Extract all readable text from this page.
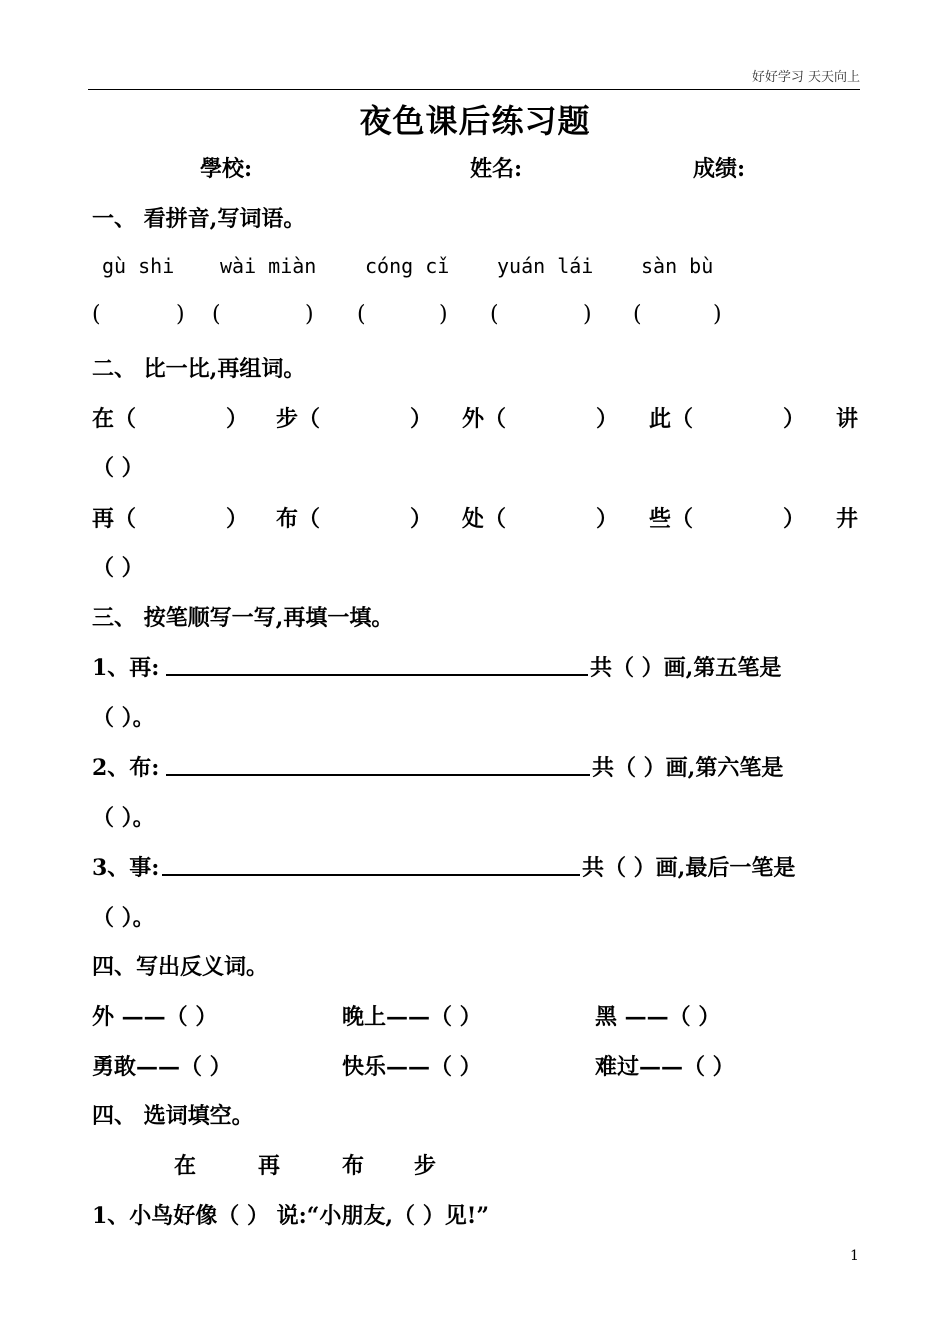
好好学习 天天向上
夜色课后练习题
學校:	姓名:	成绩:
一、 看拼音,写词语。
gù shi wài miàn cóng cǐ yuán lái sàn bù
(	) (	) (	) (	) (	)
二、 比一比,再组词。
在（	） 步（	） 外（	） 此（	） 讲
（ ）
再（	） 布（	） 处（	） 些（	） 井
（ ）
三、 按笔顺写一写,再填一填。
1、再:	共（ ）画,第五笔是
（ ）。
2、布:	共（ ）画,第六笔是
（ ）。
3、事:	共（ ）画,最后一笔是
（ ）。
四、写出反义词。
外 ——（ ）	晚上——（ ）	黑 ——（ ）
勇敢——（ ）	快乐——（ ）	难过——（ ）
四、 选词填空。
在	再	布 步
1、小鸟好像（ ） 说:“小朋友,（ ）见!”
1
